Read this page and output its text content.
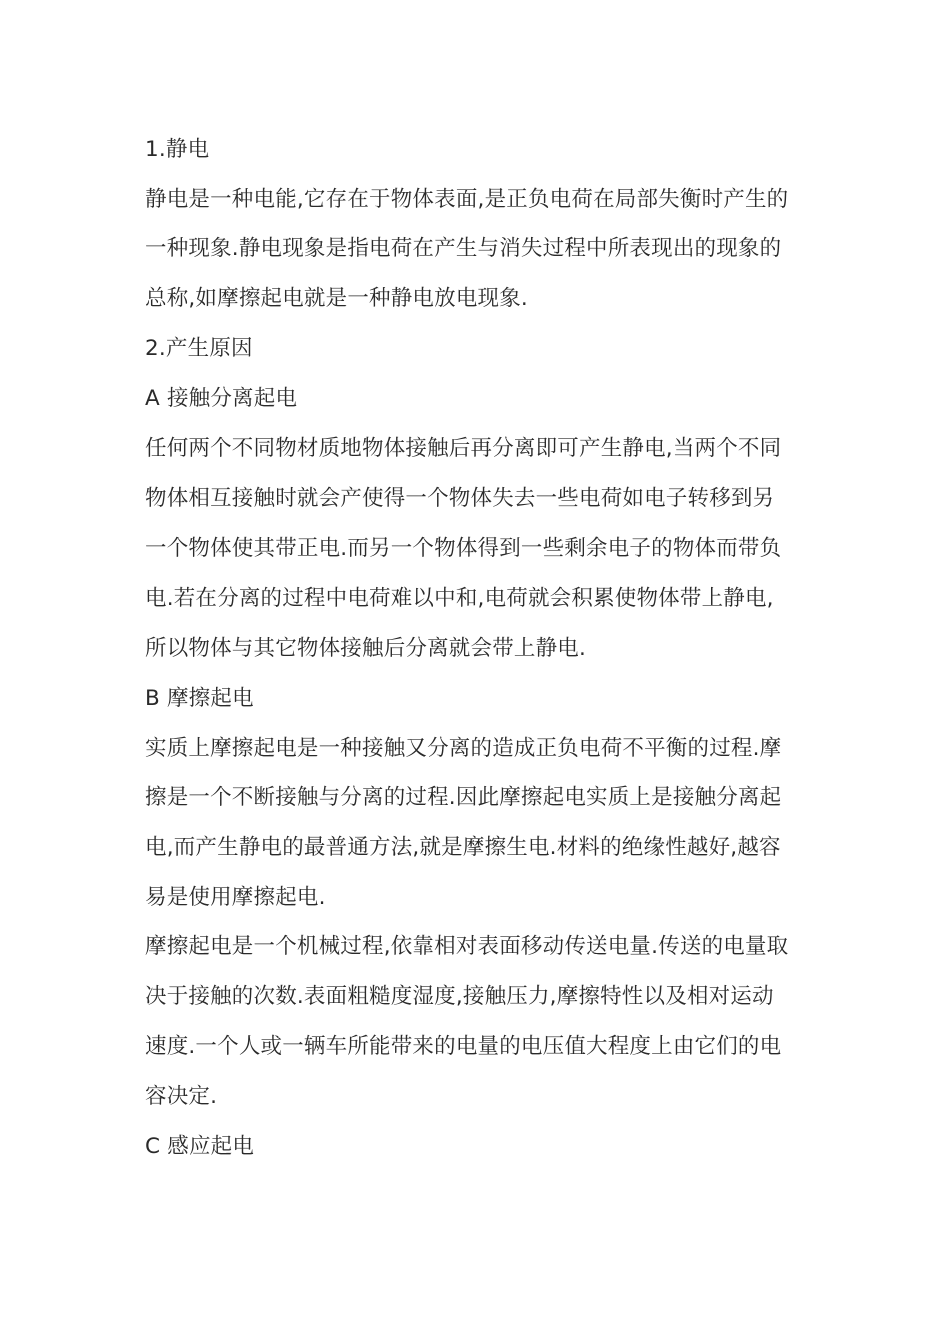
1.静电
静电是一种电能,它存在于物体表面,是正负电荷在局部失衡时产生的
一种现象.静电现象是指电荷在产生与消失过程中所表现出的现象的
总称,如摩擦起电就是一种静电放电现象.
2.产生原因
A 接触分离起电
任何两个不同物材质地物体接触后再分离即可产生静电,当两个不同
物体相互接触时就会产使得一个物体失去一些电荷如电子转移到另
一个物体使其带正电.而另一个物体得到一些剩余电子的物体而带负
电.若在分离的过程中电荷难以中和,电荷就会积累使物体带上静电,
所以物体与其它物体接触后分离就会带上静电.
B 摩擦起电
实质上摩擦起电是一种接触又分离的造成正负电荷不平衡的过程.摩
擦是一个不断接触与分离的过程.因此摩擦起电实质上是接触分离起
电,而产生静电的最普通方法,就是摩擦生电.材料的绝缘性越好,越容
易是使用摩擦起电.
摩擦起电是一个机械过程,依靠相对表面移动传送电量.传送的电量取
决于接触的次数.表面粗糙度湿度,接触压力,摩擦特性以及相对运动
速度.一个人或一辆车所能带来的电量的电压值大程度上由它们的电
容决定.
C 感应起电
